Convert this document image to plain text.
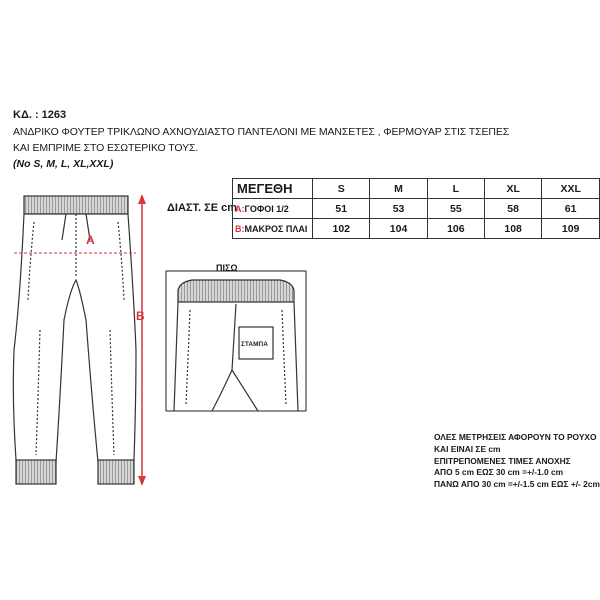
ΚΔ. : 1263
ΑΝΔΡΙΚΟ ΦΟΥΤΕΡ ΤΡΙΚΛΩΝΟ ΑΧΝΟΥΔΙΑΣΤΟ ΠΑΝΤΕΛΟΝΙ ΜΕ ΜΑΝΣΕΤΕΣ , ΦΕΡΜΟΥΑΡ ΣΤΙΣ ΤΣΕΠΕΣ
ΚΑΙ ΕΜΠΡΙΜΕ ΣΤΟ ΕΣΩΤΕΡΙΚΟ ΤΟΥΣ.
(No S, M, L, XL,XXL)
ΔΙΑΣΤ. ΣΕ cm
ΜΕΓΕΘΗ	S	M	L	XL	XXL
A:ΓΟΦΟΙ 1/2	51	53	55	58	61
B:ΜΑΚΡΟΣ ΠΛΑΙ	102	104	106	108	109
A
B
ΣΤΑΜΠΑ
ΠΙΣΩ
ΟΛΕΣ ΜΕΤΡΗΣΕΙΣ ΑΦΟΡΟΥΝ ΤΟ ΡΟΥΧΟ
ΚΑΙ ΕΙΝΑΙ ΣΕ cm
ΕΠΙΤΡΕΠΟΜΕΝΕΣ ΤΙΜΕΣ ΑΝΟΧΗΣ
ΑΠΟ 5 cm ΕΩΣ 30 cm =+/-1.0 cm
ΠΑΝΩ ΑΠΟ 30 cm =+/-1.5 cm ΕΩΣ +/- 2cm
